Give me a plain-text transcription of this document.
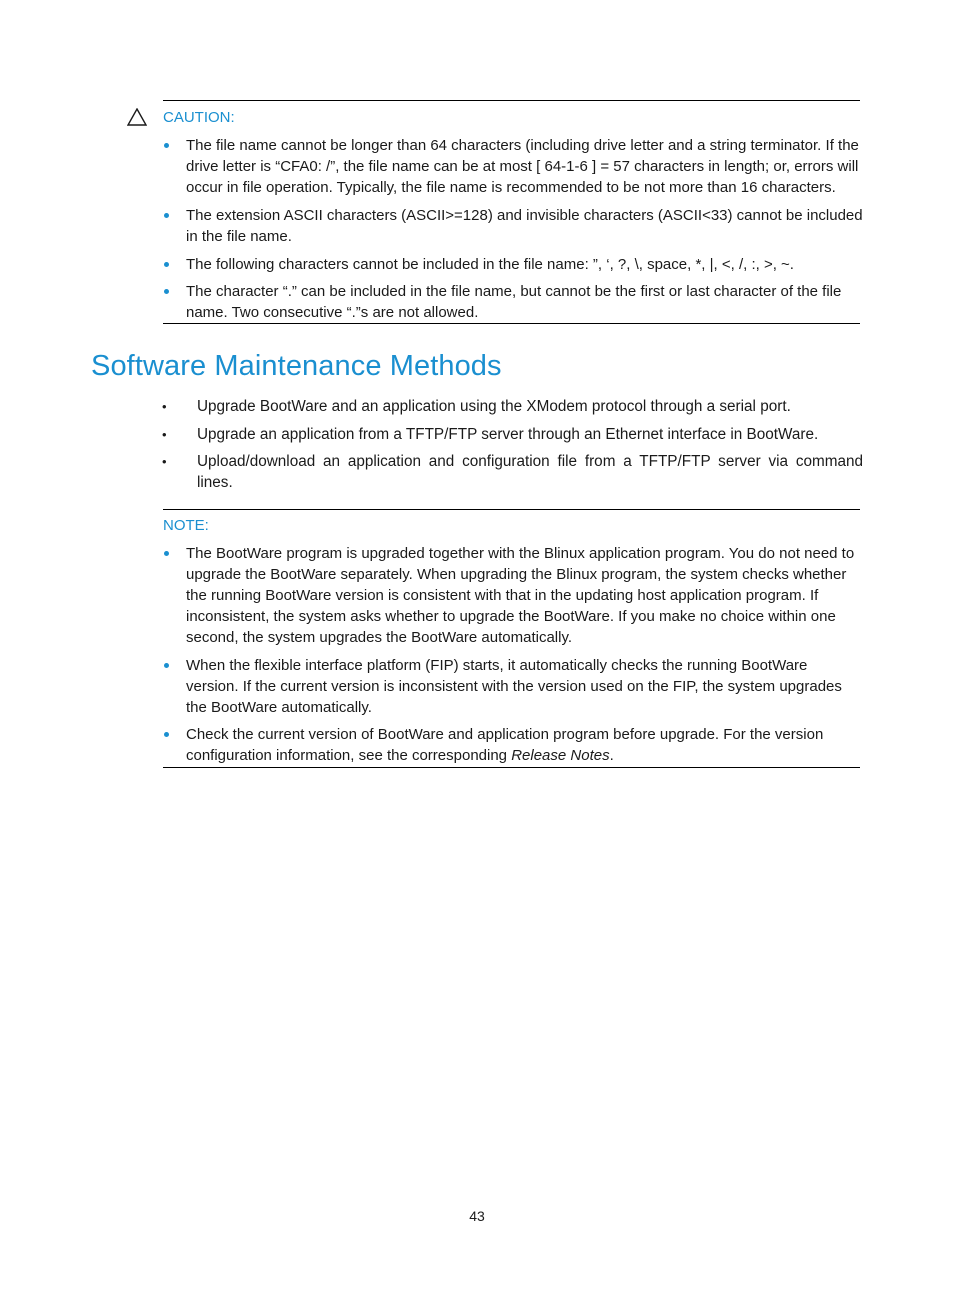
CAUTION:
The file name cannot be longer than 64 characters (including drive letter and a string terminator. If the drive letter is “CFA0: /”, the file name can be at most [ 64-1-6 ] = 57 characters in length; or, errors will occur in file operation. Typically, the file name is recommended to be not more than 16 characters.
The extension ASCII characters (ASCII>=128) and invisible characters (ASCII<33) cannot be included in the file name.
The following characters cannot be included in the file name: ”, ‘, ?, \, space, *, |, <, /, :, >, ~.
The character “.” can be included in the file name, but cannot be the first or last character of the file name. Two consecutive “.”s are not allowed.
Software Maintenance Methods
• Upgrade BootWare and an application using the XModem protocol through a serial port.
• Upgrade an application from a TFTP/FTP server through an Ethernet interface in BootWare.
• Upload/download an application and configuration file from a TFTP/FTP server via command lines.
NOTE:
The BootWare program is upgraded together with the Blinux application program. You do not need to upgrade the BootWare separately. When upgrading the Blinux program, the system checks whether the running BootWare version is consistent with that in the updating host application program. If inconsistent, the system asks whether to upgrade the BootWare. If you make no choice within one second, the system upgrades the BootWare automatically.
When the flexible interface platform (FIP) starts, it automatically checks the running BootWare version. If the current version is inconsistent with the version used on the FIP, the system upgrades the BootWare automatically.
Check the current version of BootWare and application program before upgrade. For the version configuration information, see the corresponding Release Notes.
43
